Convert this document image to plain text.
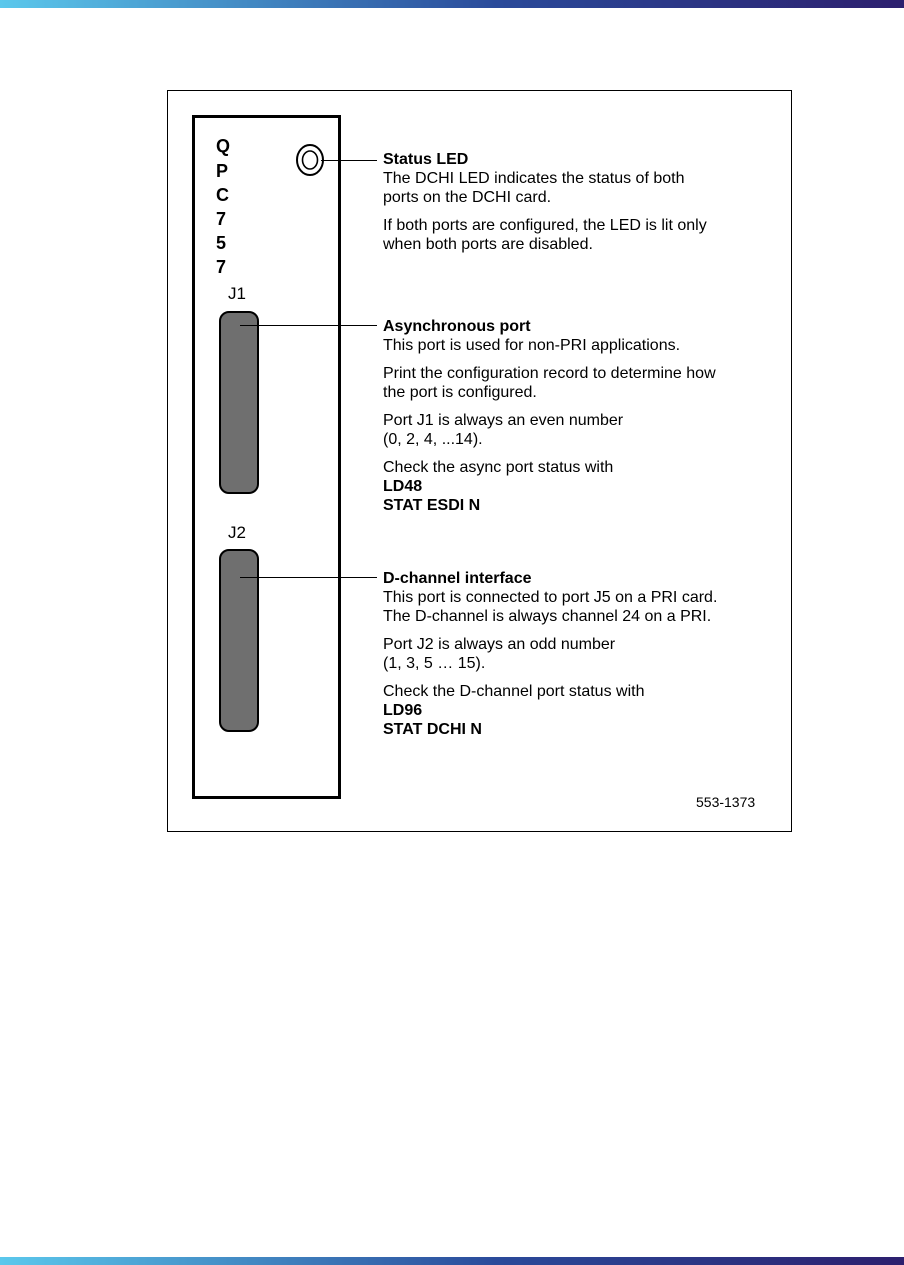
Q
P
C
7
5
7
J1
J2
Status LED

The DCHI LED indicates the status of both
ports on the DCHI card.

If both ports are configured, the LED is lit only
when both ports are disabled.

Asynchronous port

This port is used for non-PRI applications.

Print the configuration record to determine how
the port is configured.

Port J1 is always an even number
(0, 2, 4, ...14).

Check the async port status with
LD48
STAT ESDI N

D-channel interface

This port is connected to port J5 on a PRI card.
The D-channel is always channel 24 on a PRI.

Port J2 is always an odd number
(1, 3, 5 … 15).

Check the D-channel port status with
LD96
STAT DCHI N

553-1373
